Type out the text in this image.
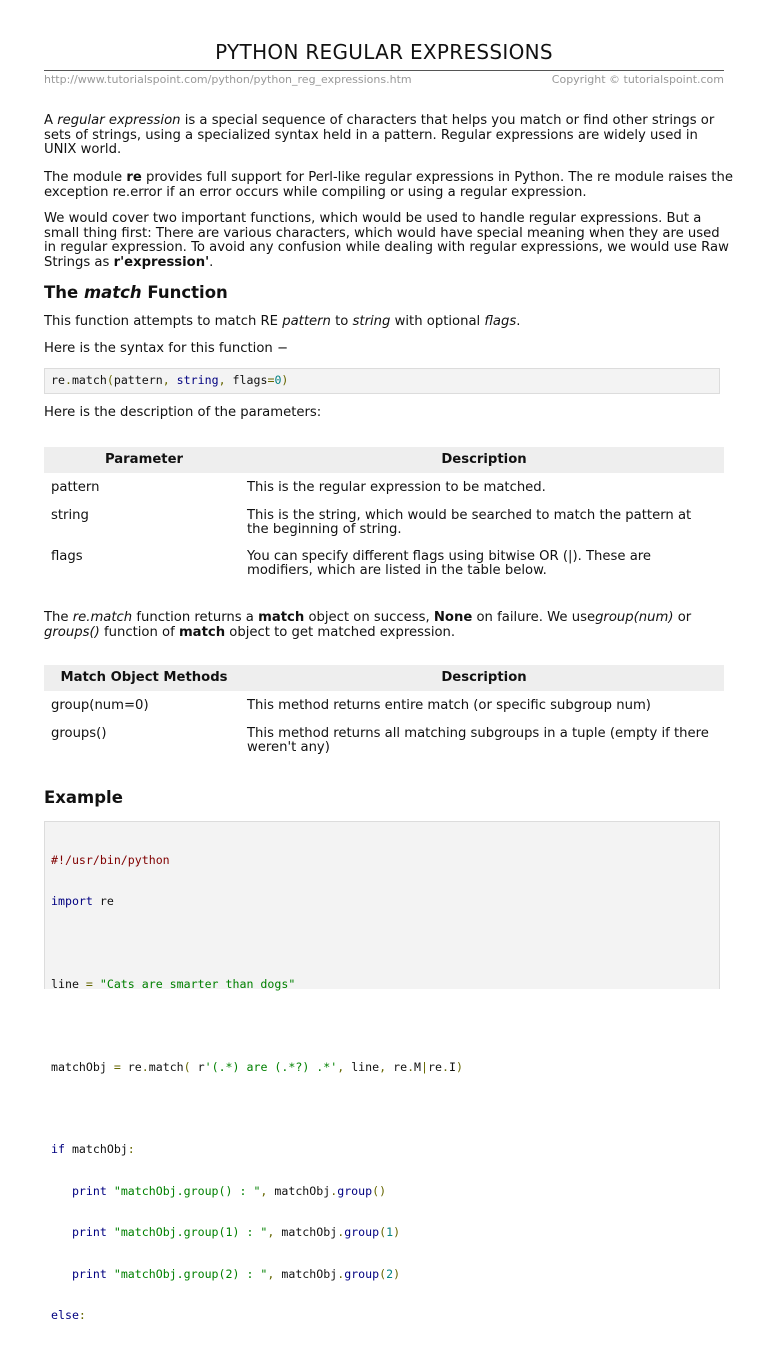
PYTHON REGULAR EXPRESSIONS
http://www.tutorialspoint.com/python/python_reg_expressions.htm	Copyright © tutorialspoint.com

A regular expression is a special sequence of characters that helps you match or find other strings or sets of strings, using a specialized syntax held in a pattern. Regular expressions are widely used in UNIX world.

The module re provides full support for Perl-like regular expressions in Python. The re module raises the exception re.error if an error occurs while compiling or using a regular expression.

We would cover two important functions, which would be used to handle regular expressions. But a small thing first: There are various characters, which would have special meaning when they are used in regular expression. To avoid any confusion while dealing with regular expressions, we would use Raw Strings as r'expression'.

The match Function

This function attempts to match RE pattern to string with optional flags.

Here is the syntax for this function −

re.match(pattern, string, flags=0)

Here is the description of the parameters:

Parameter	Description
pattern	This is the regular expression to be matched.
string	This is the string, which would be searched to match the pattern at the beginning of string.
flags	You can specify different flags using bitwise OR (|). These are modifiers, which are listed in the table below.

The re.match function returns a match object on success, None on failure. We usegroup(num) or groups() function of match object to get matched expression.

Match Object Methods	Description
group(num=0)	This method returns entire match (or specific subgroup num)
groups()	This method returns all matching subgroups in a tuple (empty if there weren't any)
Example

#!/usr/bin/python

import re

line = "Cats are smarter than dogs"

matchObj = re.match( r'(.*) are (.*?) .*', line, re.M|re.I)

if matchObj:

print "matchObj.group() : ", matchObj.group()

print "matchObj.group(1) : ", matchObj.group(1)

print "matchObj.group(2) : ", matchObj.group(2)

else:
